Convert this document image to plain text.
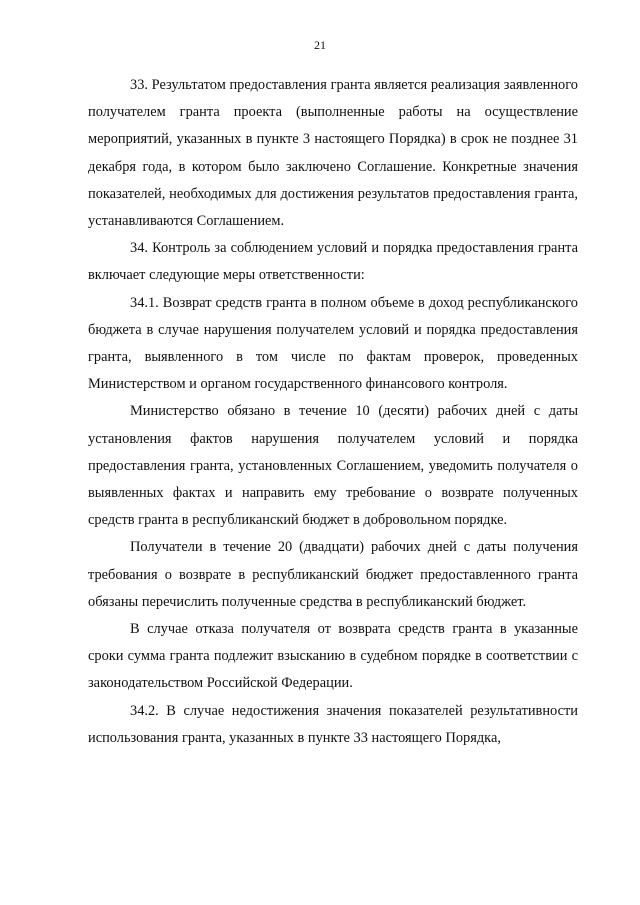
21

33. Результатом предоставления гранта является реализация заявленного получателем гранта проекта (выполненные работы на осуществление мероприятий, указанных в пункте 3 настоящего Порядка) в срок не позднее 31 декабря года, в котором было заключено Соглашение. Конкретные значения показателей, необходимых для достижения результатов предоставления гранта, устанавливаются Соглашением.

34. Контроль за соблюдением условий и порядка предоставления гранта включает следующие меры ответственности:

34.1. Возврат средств гранта в полном объеме в доход республиканского бюджета в случае нарушения получателем условий и порядка предоставления гранта, выявленного в том числе по фактам проверок, проведенных Министерством и органом государственного финансового контроля.

Министерство обязано в течение 10 (десяти) рабочих дней с даты установления фактов нарушения получателем условий и порядка предоставления гранта, установленных Соглашением, уведомить получателя о выявленных фактах и направить ему требование о возврате полученных средств гранта в республиканский бюджет в добровольном порядке.

Получатели в течение 20 (двадцати) рабочих дней с даты получения требования о возврате в республиканский бюджет предоставленного гранта обязаны перечислить полученные средства в республиканский бюджет.

В случае отказа получателя от возврата средств гранта в указанные сроки сумма гранта подлежит взысканию в судебном порядке в соответствии с законодательством Российской Федерации.

34.2. В случае недостижения значения показателей результативности использования гранта, указанных в пункте 33 настоящего Порядка,
